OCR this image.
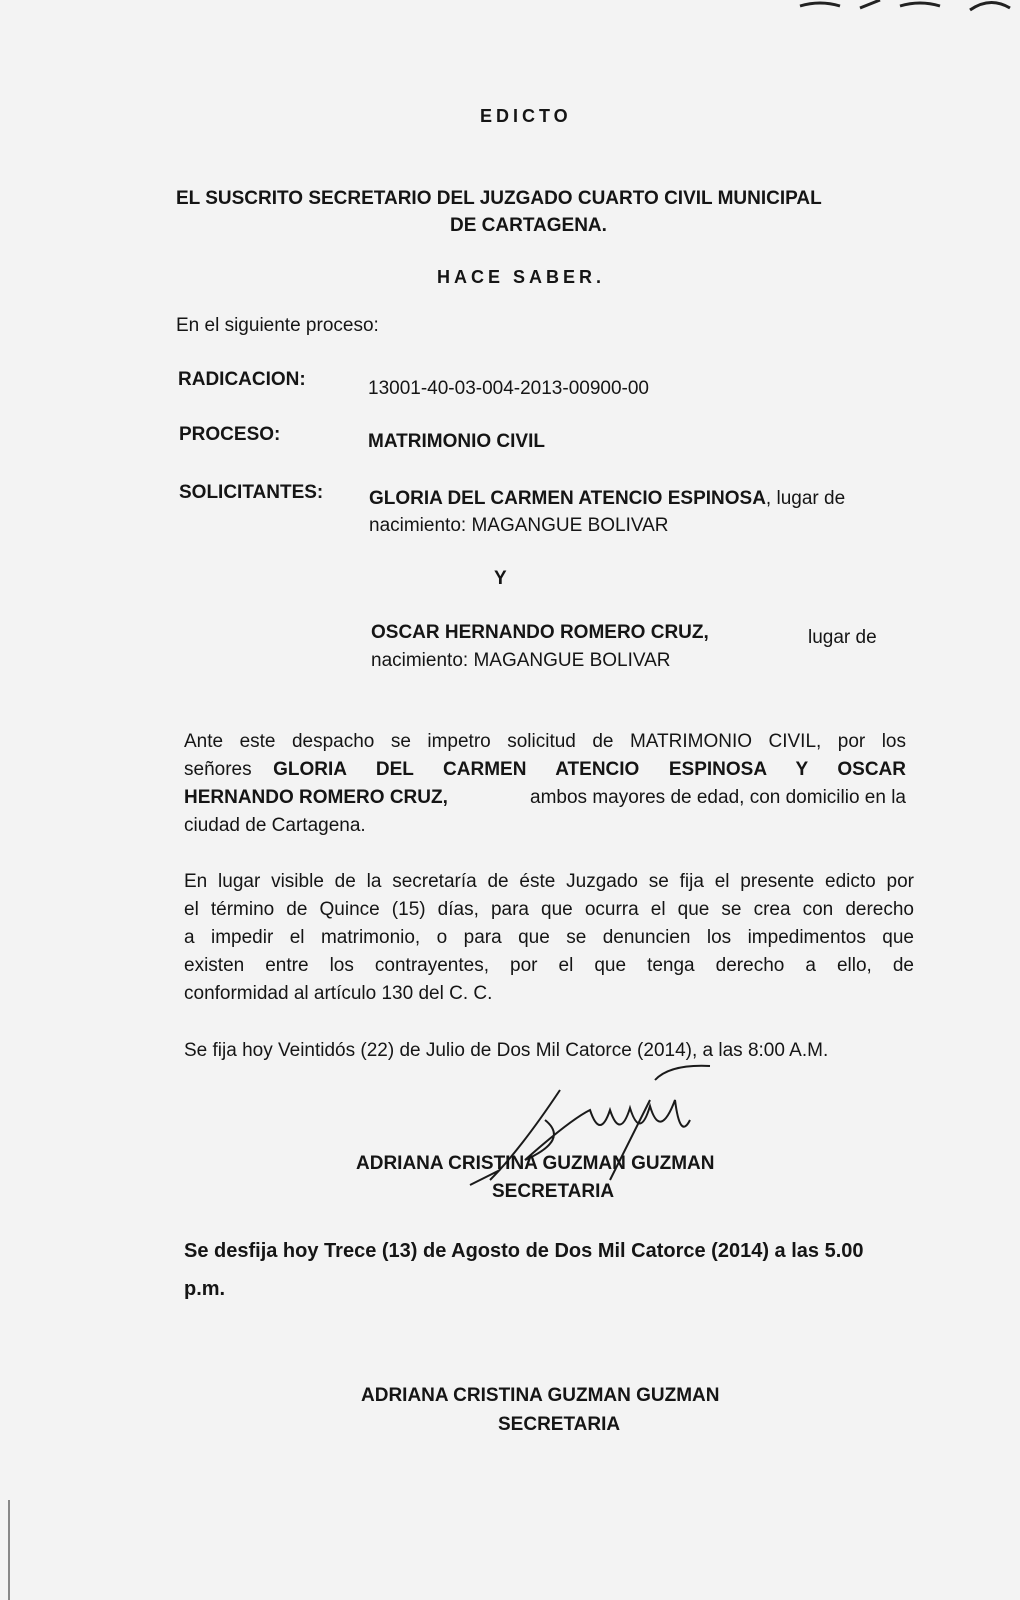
EDICTO
EL SUSCRITO SECRETARIO DEL JUZGADO CUARTO CIVIL MUNICIPAL
DE CARTAGENA.
HACE SABER.
En el siguiente proceso:
RADICACION:	13001-40-03-004-2013-00900-00
PROCESO:	MATRIMONIO CIVIL
SOLICITANTES: GLORIA DEL CARMEN ATENCIO ESPINOSA, lugar de
nacimiento: MAGANGUE BOLIVAR
Y
OSCAR HERNANDO ROMERO CRUZ,	lugar de
nacimiento: MAGANGUE BOLIVAR
Ante este despacho se impetro solicitud de MATRIMONIO CIVIL, por los
señores GLORIA DEL CARMEN ATENCIO ESPINOSA Y OSCAR
HERNANDO ROMERO CRUZ,	ambos mayores de edad, con domicilio en la
ciudad de Cartagena.
En lugar visible de la secretaría de éste Juzgado se fija el presente edicto por
el término de Quince (15) días, para que ocurra el que se crea con derecho
a impedir el matrimonio, o para que se denuncien los impedimentos que
existen entre los contrayentes, por el que tenga derecho a ello, de
conformidad al artículo 130 del C. C.
Se fija hoy Veintidós (22) de Julio de Dos Mil Catorce (2014), a las 8:00 A.M.
ADRIANA CRISTINA GUZMAN GUZMAN
SECRETARIA
Se desfija hoy Trece (13) de Agosto de Dos Mil Catorce (2014) a las 5.00
p.m.
ADRIANA CRISTINA GUZMAN GUZMAN
SECRETARIA
